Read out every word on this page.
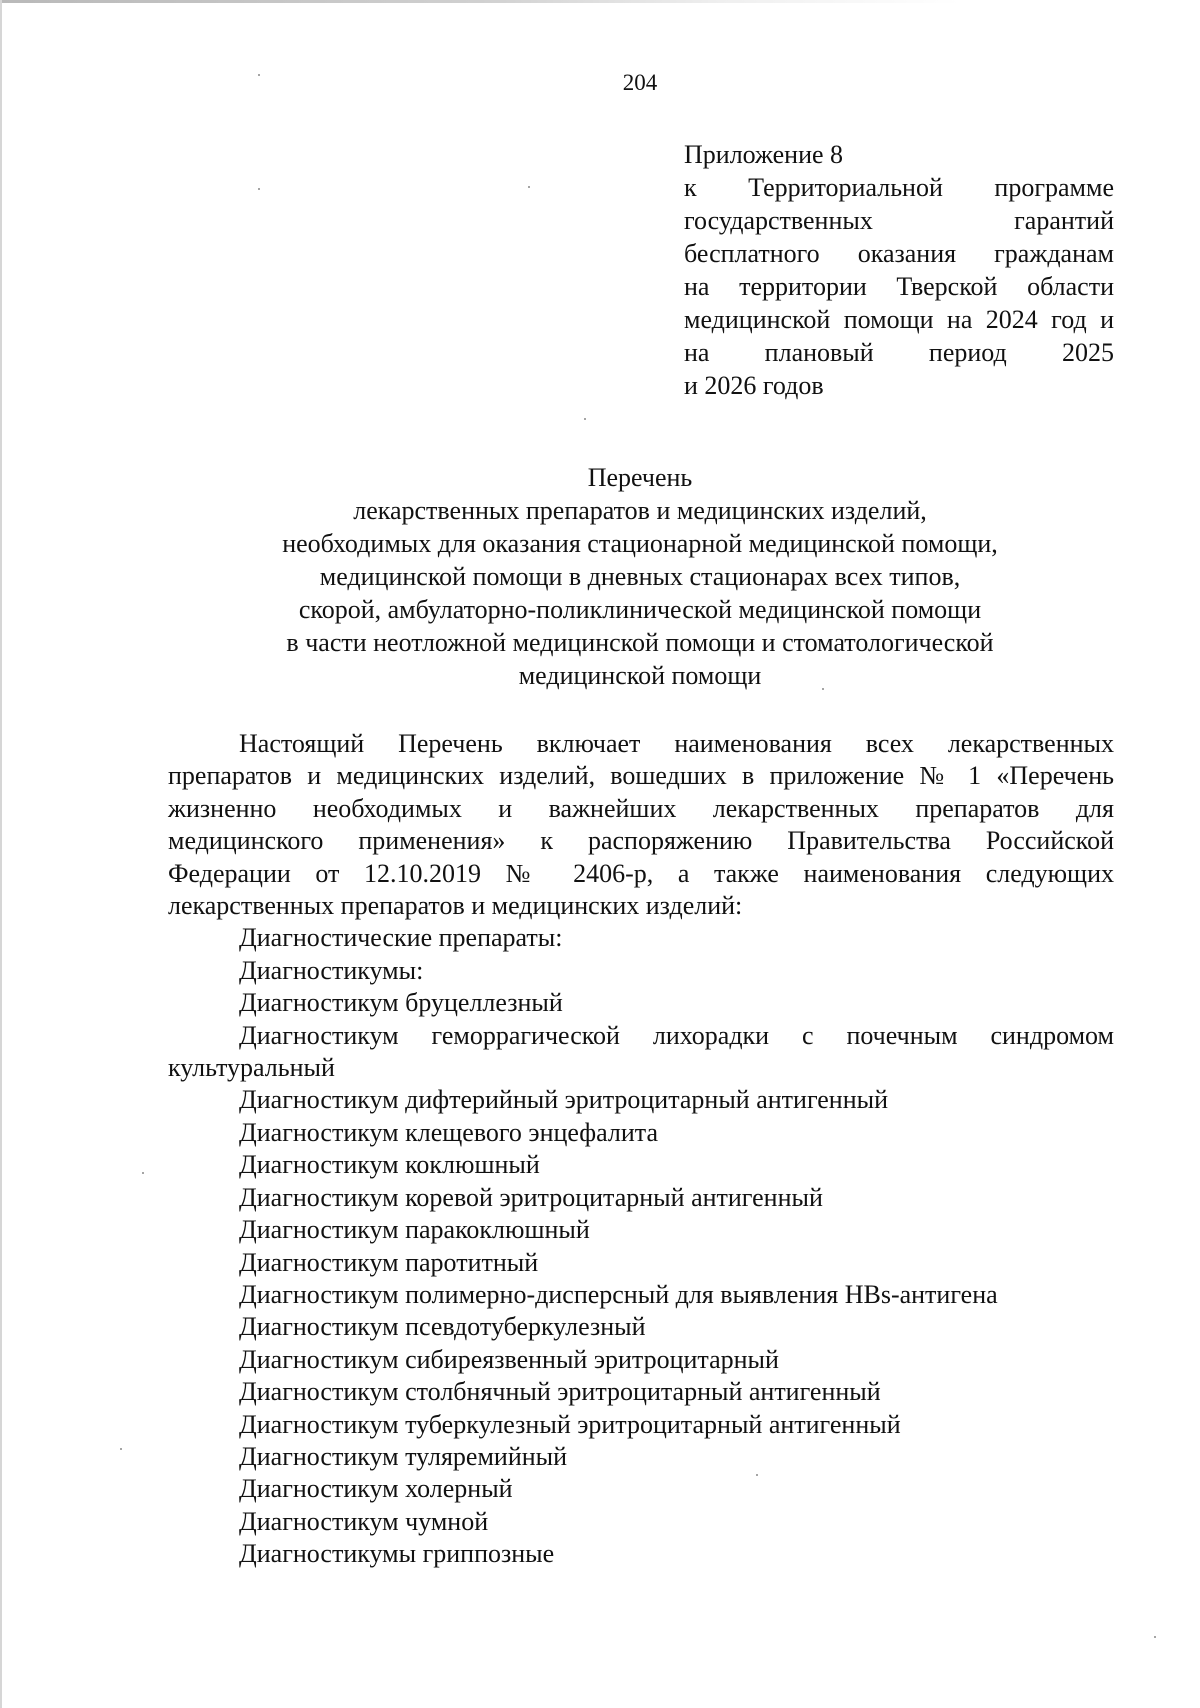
204
Приложение 8
к Территориальной программе
государственных гарантий
бесплатного оказания гражданам
на территории Тверской области
медицинской помощи на 2024 год и
на плановый период 2025
и 2026 годов
Перечень
лекарственных препаратов и медицинских изделий,
необходимых для оказания стационарной медицинской помощи,
медицинской помощи в дневных стационарах всех типов,
скорой, амбулаторно-поликлинической медицинской помощи
в части неотложной медицинской помощи и стоматологической
медицинской помощи
Настоящий Перечень включает наименования всех лекарственных
препаратов и медицинских изделий, вошедших в приложение № 1 «Перечень
жизненно необходимых и важнейших лекарственных препаратов для
медицинского применения» к распоряжению Правительства Российской
Федерации от 12.10.2019 № 2406-р, а также наименования следующих
лекарственных препаратов и медицинских изделий:
Диагностические препараты:
Диагностикумы:
Диагностикум бруцеллезный
Диагностикум геморрагической лихорадки с почечным синдромом
культуральный
Диагностикум дифтерийный эритроцитарный антигенный
Диагностикум клещевого энцефалита
Диагностикум коклюшный
Диагностикум коревой эритроцитарный антигенный
Диагностикум паракоклюшный
Диагностикум паротитный
Диагностикум полимерно-дисперсный для выявления HBs-антигена
Диагностикум псевдотуберкулезный
Диагностикум сибиреязвенный эритроцитарный
Диагностикум столбнячный эритроцитарный антигенный
Диагностикум туберкулезный эритроцитарный антигенный
Диагностикум туляремийный
Диагностикум холерный
Диагностикум чумной
Диагностикумы гриппозные
